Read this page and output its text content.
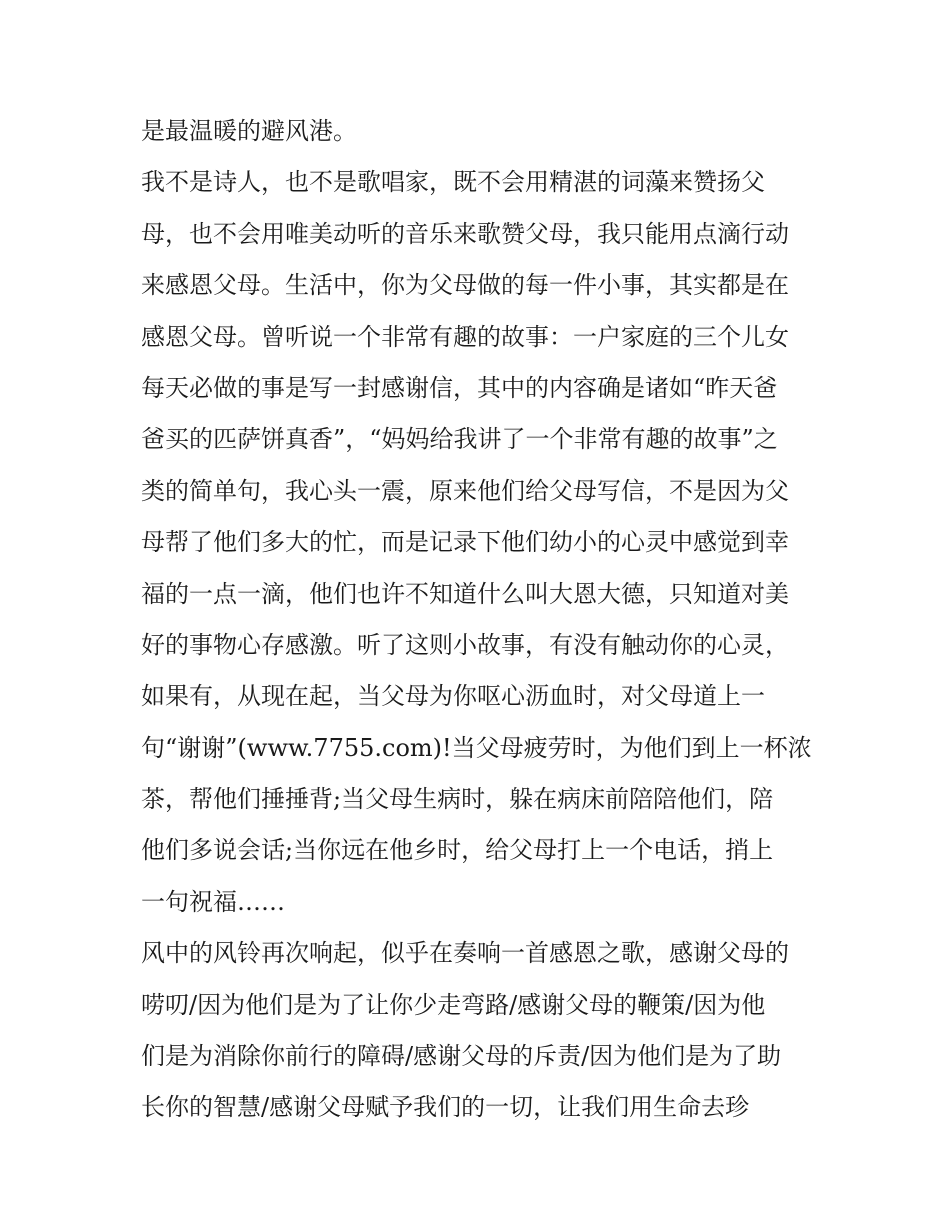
是最温暖的避风港。
我不是诗人，也不是歌唱家，既不会用精湛的词藻来赞扬父
母，也不会用唯美动听的音乐来歌赞父母，我只能用点滴行动
来感恩父母。生活中，你为父母做的每一件小事，其实都是在
感恩父母。曾听说一个非常有趣的故事：一户家庭的三个儿女
每天必做的事是写一封感谢信，其中的内容确是诸如“昨天爸
爸买的匹萨饼真香”，“妈妈给我讲了一个非常有趣的故事”之
类的简单句，我心头一震，原来他们给父母写信，不是因为父
母帮了他们多大的忙，而是记录下他们幼小的心灵中感觉到幸
福的一点一滴，他们也许不知道什么叫大恩大德，只知道对美
好的事物心存感激。听了这则小故事，有没有触动你的心灵，
如果有，从现在起，当父母为你呕心沥血时，对父母道上一
句“谢谢”(www.7755.com)!当父母疲劳时，为他们到上一杯浓
茶，帮他们捶捶背;当父母生病时，躲在病床前陪陪他们，陪
他们多说会话;当你远在他乡时，给父母打上一个电话，捎上
一句祝福……
风中的风铃再次响起，似乎在奏响一首感恩之歌，感谢父母的
唠叨/因为他们是为了让你少走弯路/感谢父母的鞭策/因为他
们是为消除你前行的障碍/感谢父母的斥责/因为他们是为了助
长你的智慧/感谢父母赋予我们的一切，让我们用生命去珍
